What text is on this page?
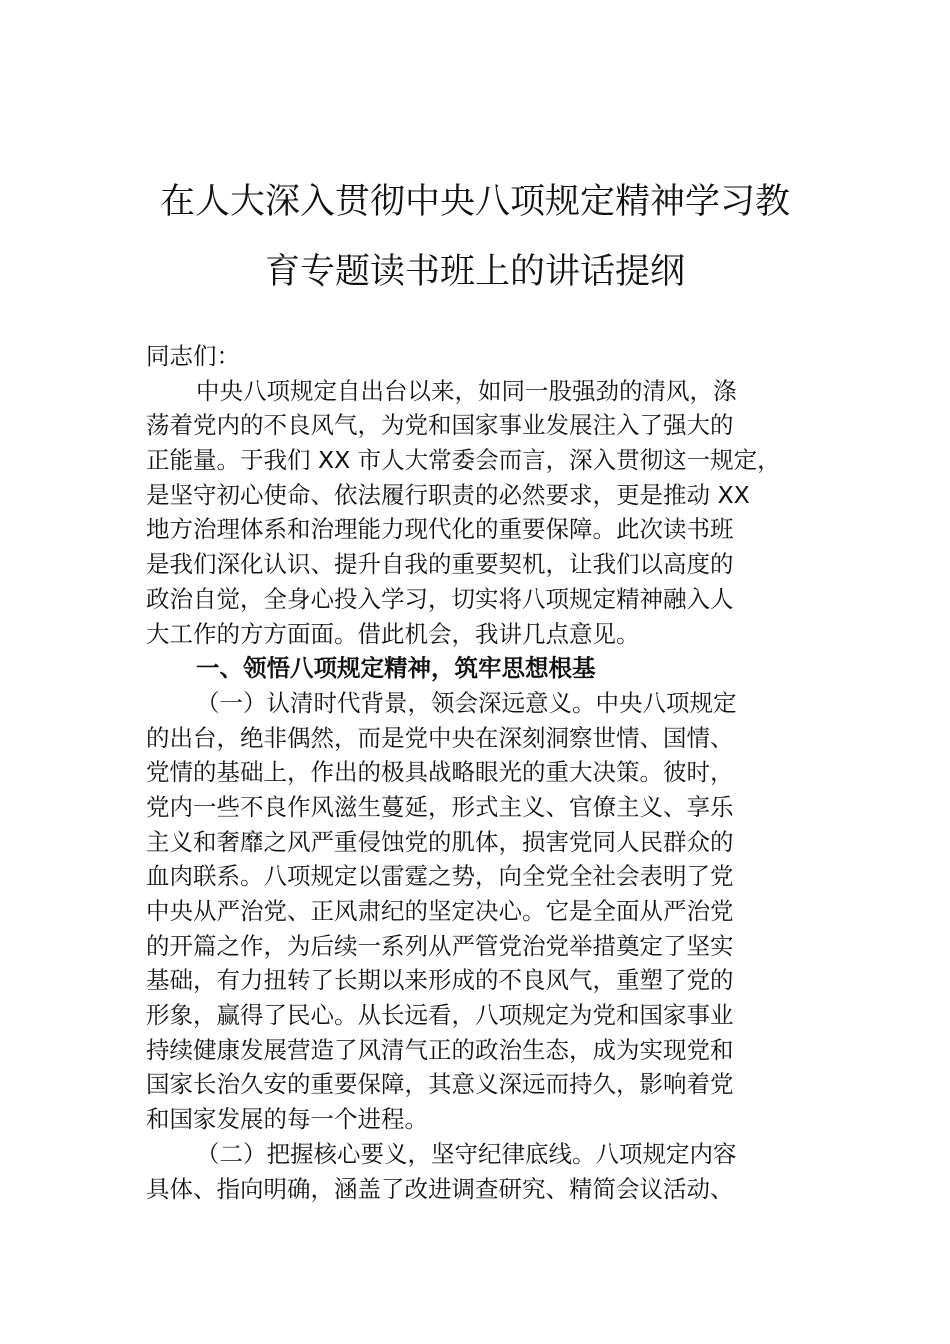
在人大深入贯彻中央八项规定精神学习教
育专题读书班上的讲话提纲
同志们：
中央八项规定自出台以来，如同一股强劲的清风，涤
荡着党内的不良风气，为党和国家事业发展注入了强大的
正能量。于我们 XX 市人大常委会而言，深入贯彻这一规定，
是坚守初心使命、依法履行职责的必然要求，更是推动 XX
地方治理体系和治理能力现代化的重要保障。此次读书班
是我们深化认识、提升自我的重要契机，让我们以高度的
政治自觉，全身心投入学习，切实将八项规定精神融入人
大工作的方方面面。借此机会，我讲几点意见。
一、领悟八项规定精神，筑牢思想根基
（一）认清时代背景，领会深远意义。中央八项规定
的出台，绝非偶然，而是党中央在深刻洞察世情、国情、
党情的基础上，作出的极具战略眼光的重大决策。彼时，
党内一些不良作风滋生蔓延，形式主义、官僚主义、享乐
主义和奢靡之风严重侵蚀党的肌体，损害党同人民群众的
血肉联系。八项规定以雷霆之势，向全党全社会表明了党
中央从严治党、正风肃纪的坚定决心。它是全面从严治党
的开篇之作，为后续一系列从严管党治党举措奠定了坚实
基础，有力扭转了长期以来形成的不良风气，重塑了党的
形象，赢得了民心。从长远看，八项规定为党和国家事业
持续健康发展营造了风清气正的政治生态，成为实现党和
国家长治久安的重要保障，其意义深远而持久，影响着党
和国家发展的每一个进程。
（二）把握核心要义，坚守纪律底线。八项规定内容
具体、指向明确，涵盖了改进调查研究、精简会议活动、
